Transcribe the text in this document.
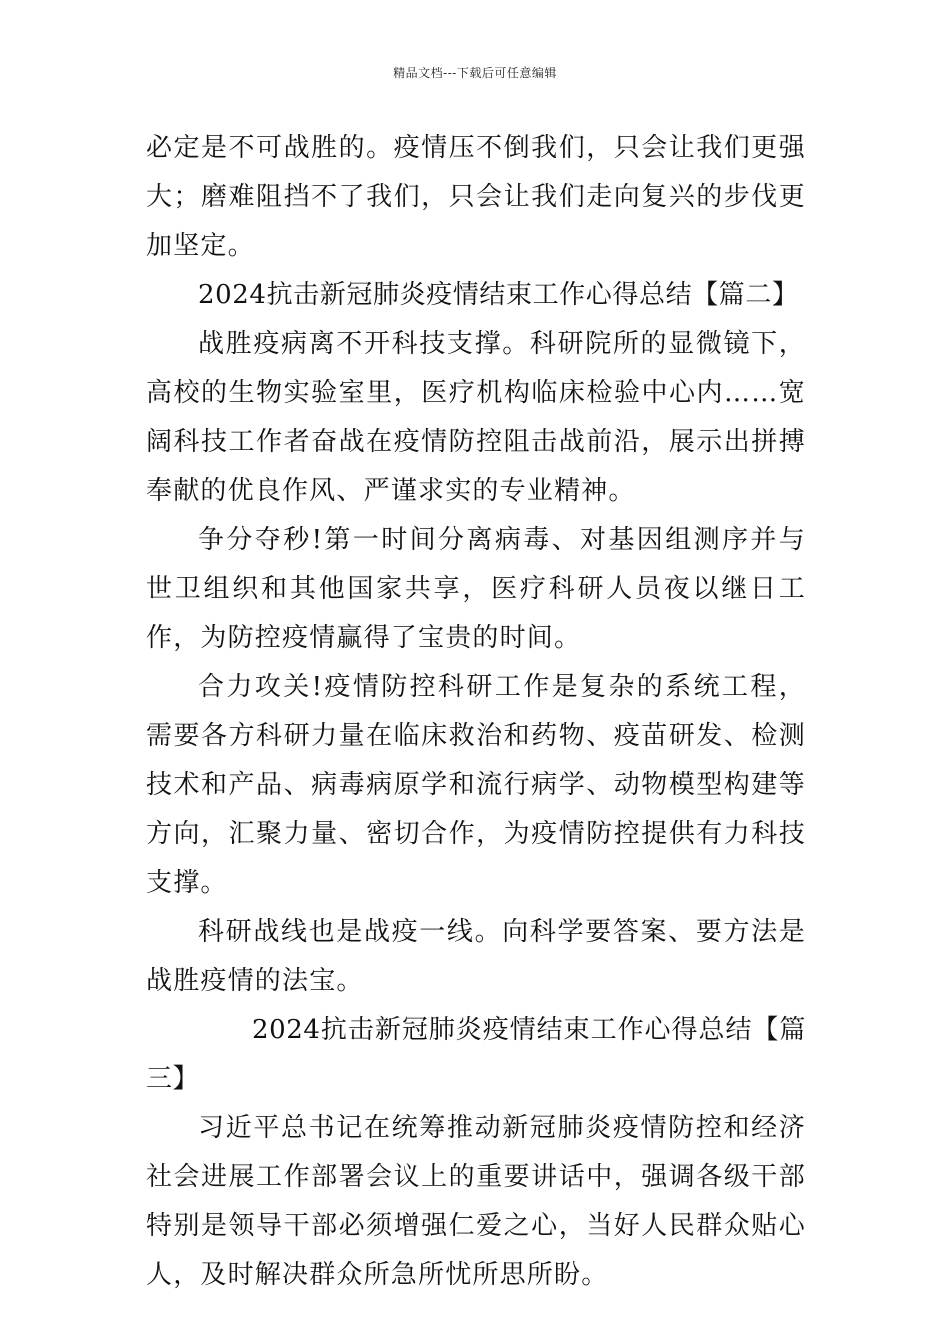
精品文档---下载后可任意编辑

必定是不可战胜的。疫情压不倒我们，只会让我们更强大；磨难阻挡不了我们，只会让我们走向复兴的步伐更加坚定。

2024抗击新冠肺炎疫情结束工作心得总结【篇二】

战胜疫病离不开科技支撑。科研院所的显微镜下，高校的生物实验室里，医疗机构临床检验中心内……宽阔科技工作者奋战在疫情防控阻击战前沿，展示出拼搏奉献的优良作风、严谨求实的专业精神。

争分夺秒!第一时间分离病毒、对基因组测序并与世卫组织和其他国家共享，医疗科研人员夜以继日工作，为防控疫情赢得了宝贵的时间。

合力攻关!疫情防控科研工作是复杂的系统工程，需要各方科研力量在临床救治和药物、疫苗研发、检测技术和产品、病毒病原学和流行病学、动物模型构建等方向，汇聚力量、密切合作，为疫情防控提供有力科技支撑。

科研战线也是战疫一线。向科学要答案、要方法是战胜疫情的法宝。

2024抗击新冠肺炎疫情结束工作心得总结【篇三】

习近平总书记在统筹推动新冠肺炎疫情防控和经济社会进展工作部署会议上的重要讲话中，强调各级干部特别是领导干部必须增强仁爱之心，当好人民群众贴心人，及时解决群众所急所忧所思所盼。
